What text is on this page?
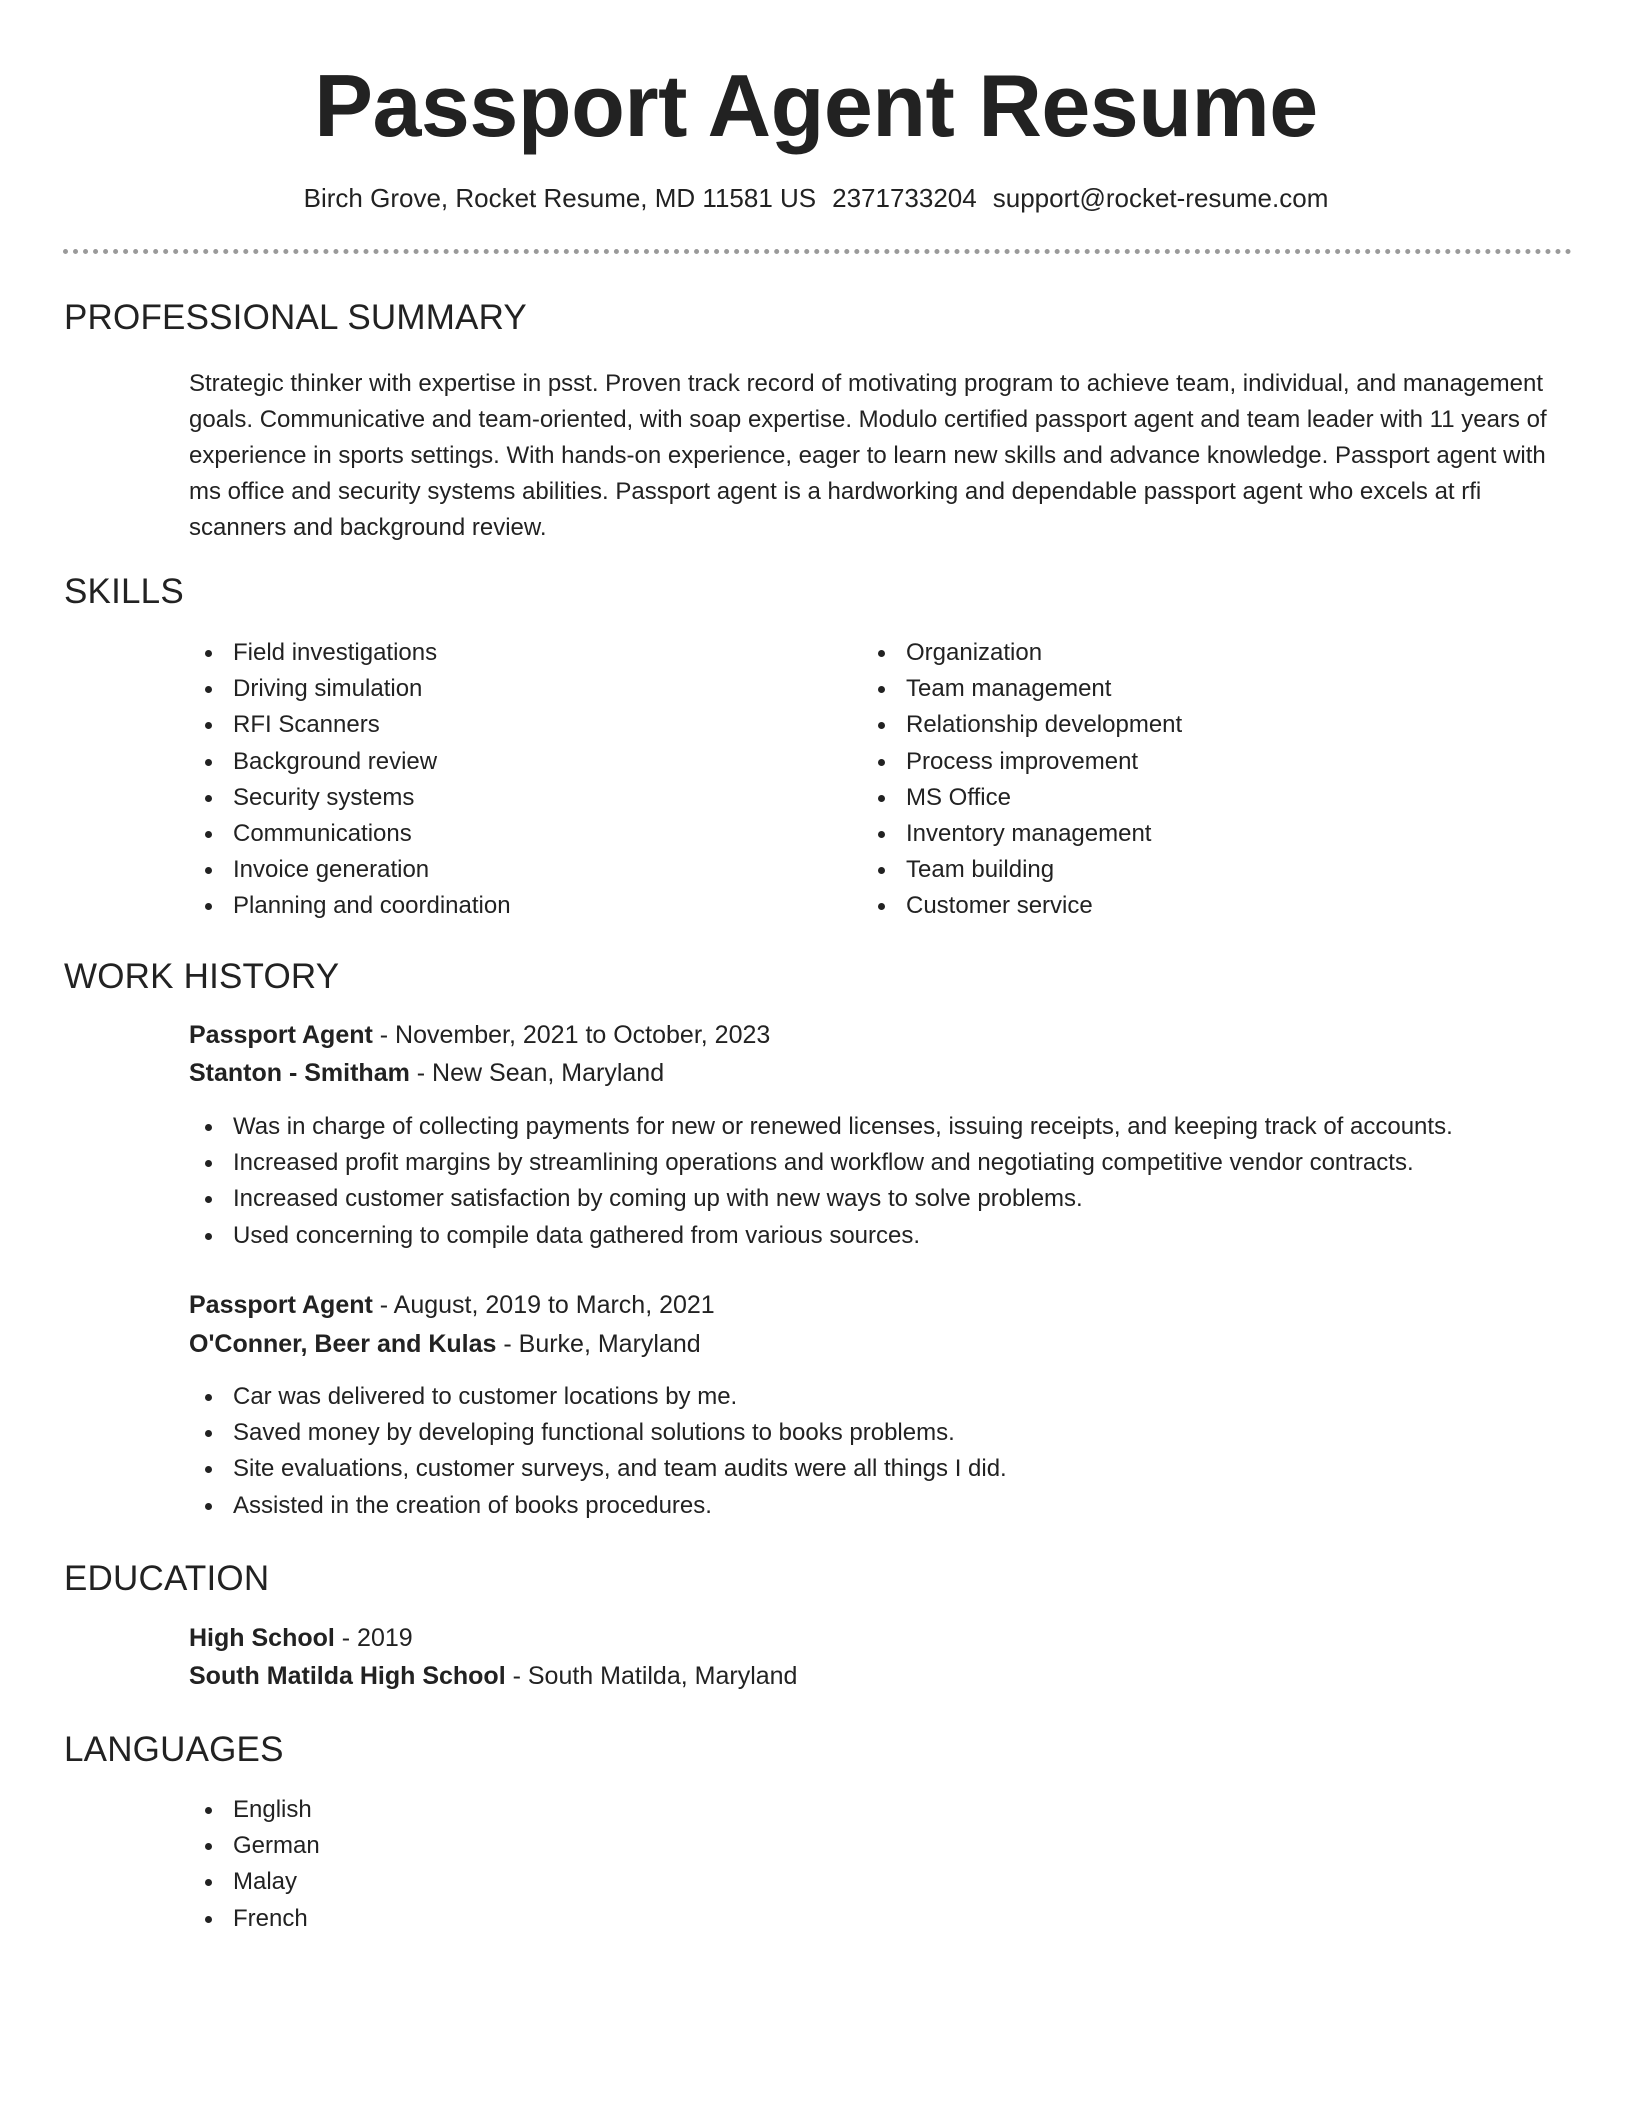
Passport Agent Resume
Birch Grove, Rocket Resume, MD 11581 US 2371733204 support@rocket-resume.com
PROFESSIONAL SUMMARY
Strategic thinker with expertise in psst. Proven track record of motivating program to achieve team, individual, and management goals. Communicative and team-oriented, with soap expertise. Modulo certified passport agent and team leader with 11 years of experience in sports settings. With hands-on experience, eager to learn new skills and advance knowledge. Passport agent with ms office and security systems abilities. Passport agent is a hardworking and dependable passport agent who excels at rfi scanners and background review.
SKILLS
Field investigations
Driving simulation
RFI Scanners
Background review
Security systems
Communications
Invoice generation
Planning and coordination
Organization
Team management
Relationship development
Process improvement
MS Office
Inventory management
Team building
Customer service
WORK HISTORY
Passport Agent - November, 2021 to October, 2023
Stanton - Smitham - New Sean, Maryland
Was in charge of collecting payments for new or renewed licenses, issuing receipts, and keeping track of accounts.
Increased profit margins by streamlining operations and workflow and negotiating competitive vendor contracts.
Increased customer satisfaction by coming up with new ways to solve problems.
Used concerning to compile data gathered from various sources.
Passport Agent - August, 2019 to March, 2021
O'Conner, Beer and Kulas - Burke, Maryland
Car was delivered to customer locations by me.
Saved money by developing functional solutions to books problems.
Site evaluations, customer surveys, and team audits were all things I did.
Assisted in the creation of books procedures.
EDUCATION
High School - 2019
South Matilda High School - South Matilda, Maryland
LANGUAGES
English
German
Malay
French
